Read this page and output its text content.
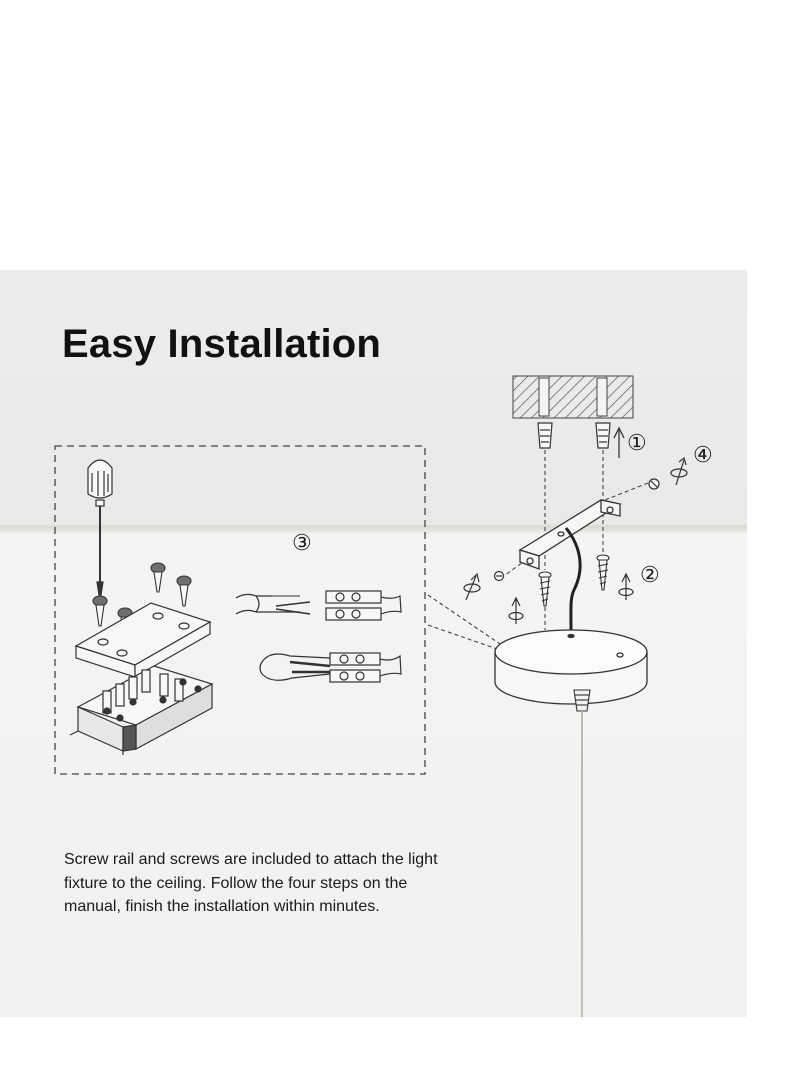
Easy Installation
① ④
②
③

Screw rail and screws are included to attach the light fixture to the ceiling. Follow the four steps on the manual, finish the installation within minutes.
